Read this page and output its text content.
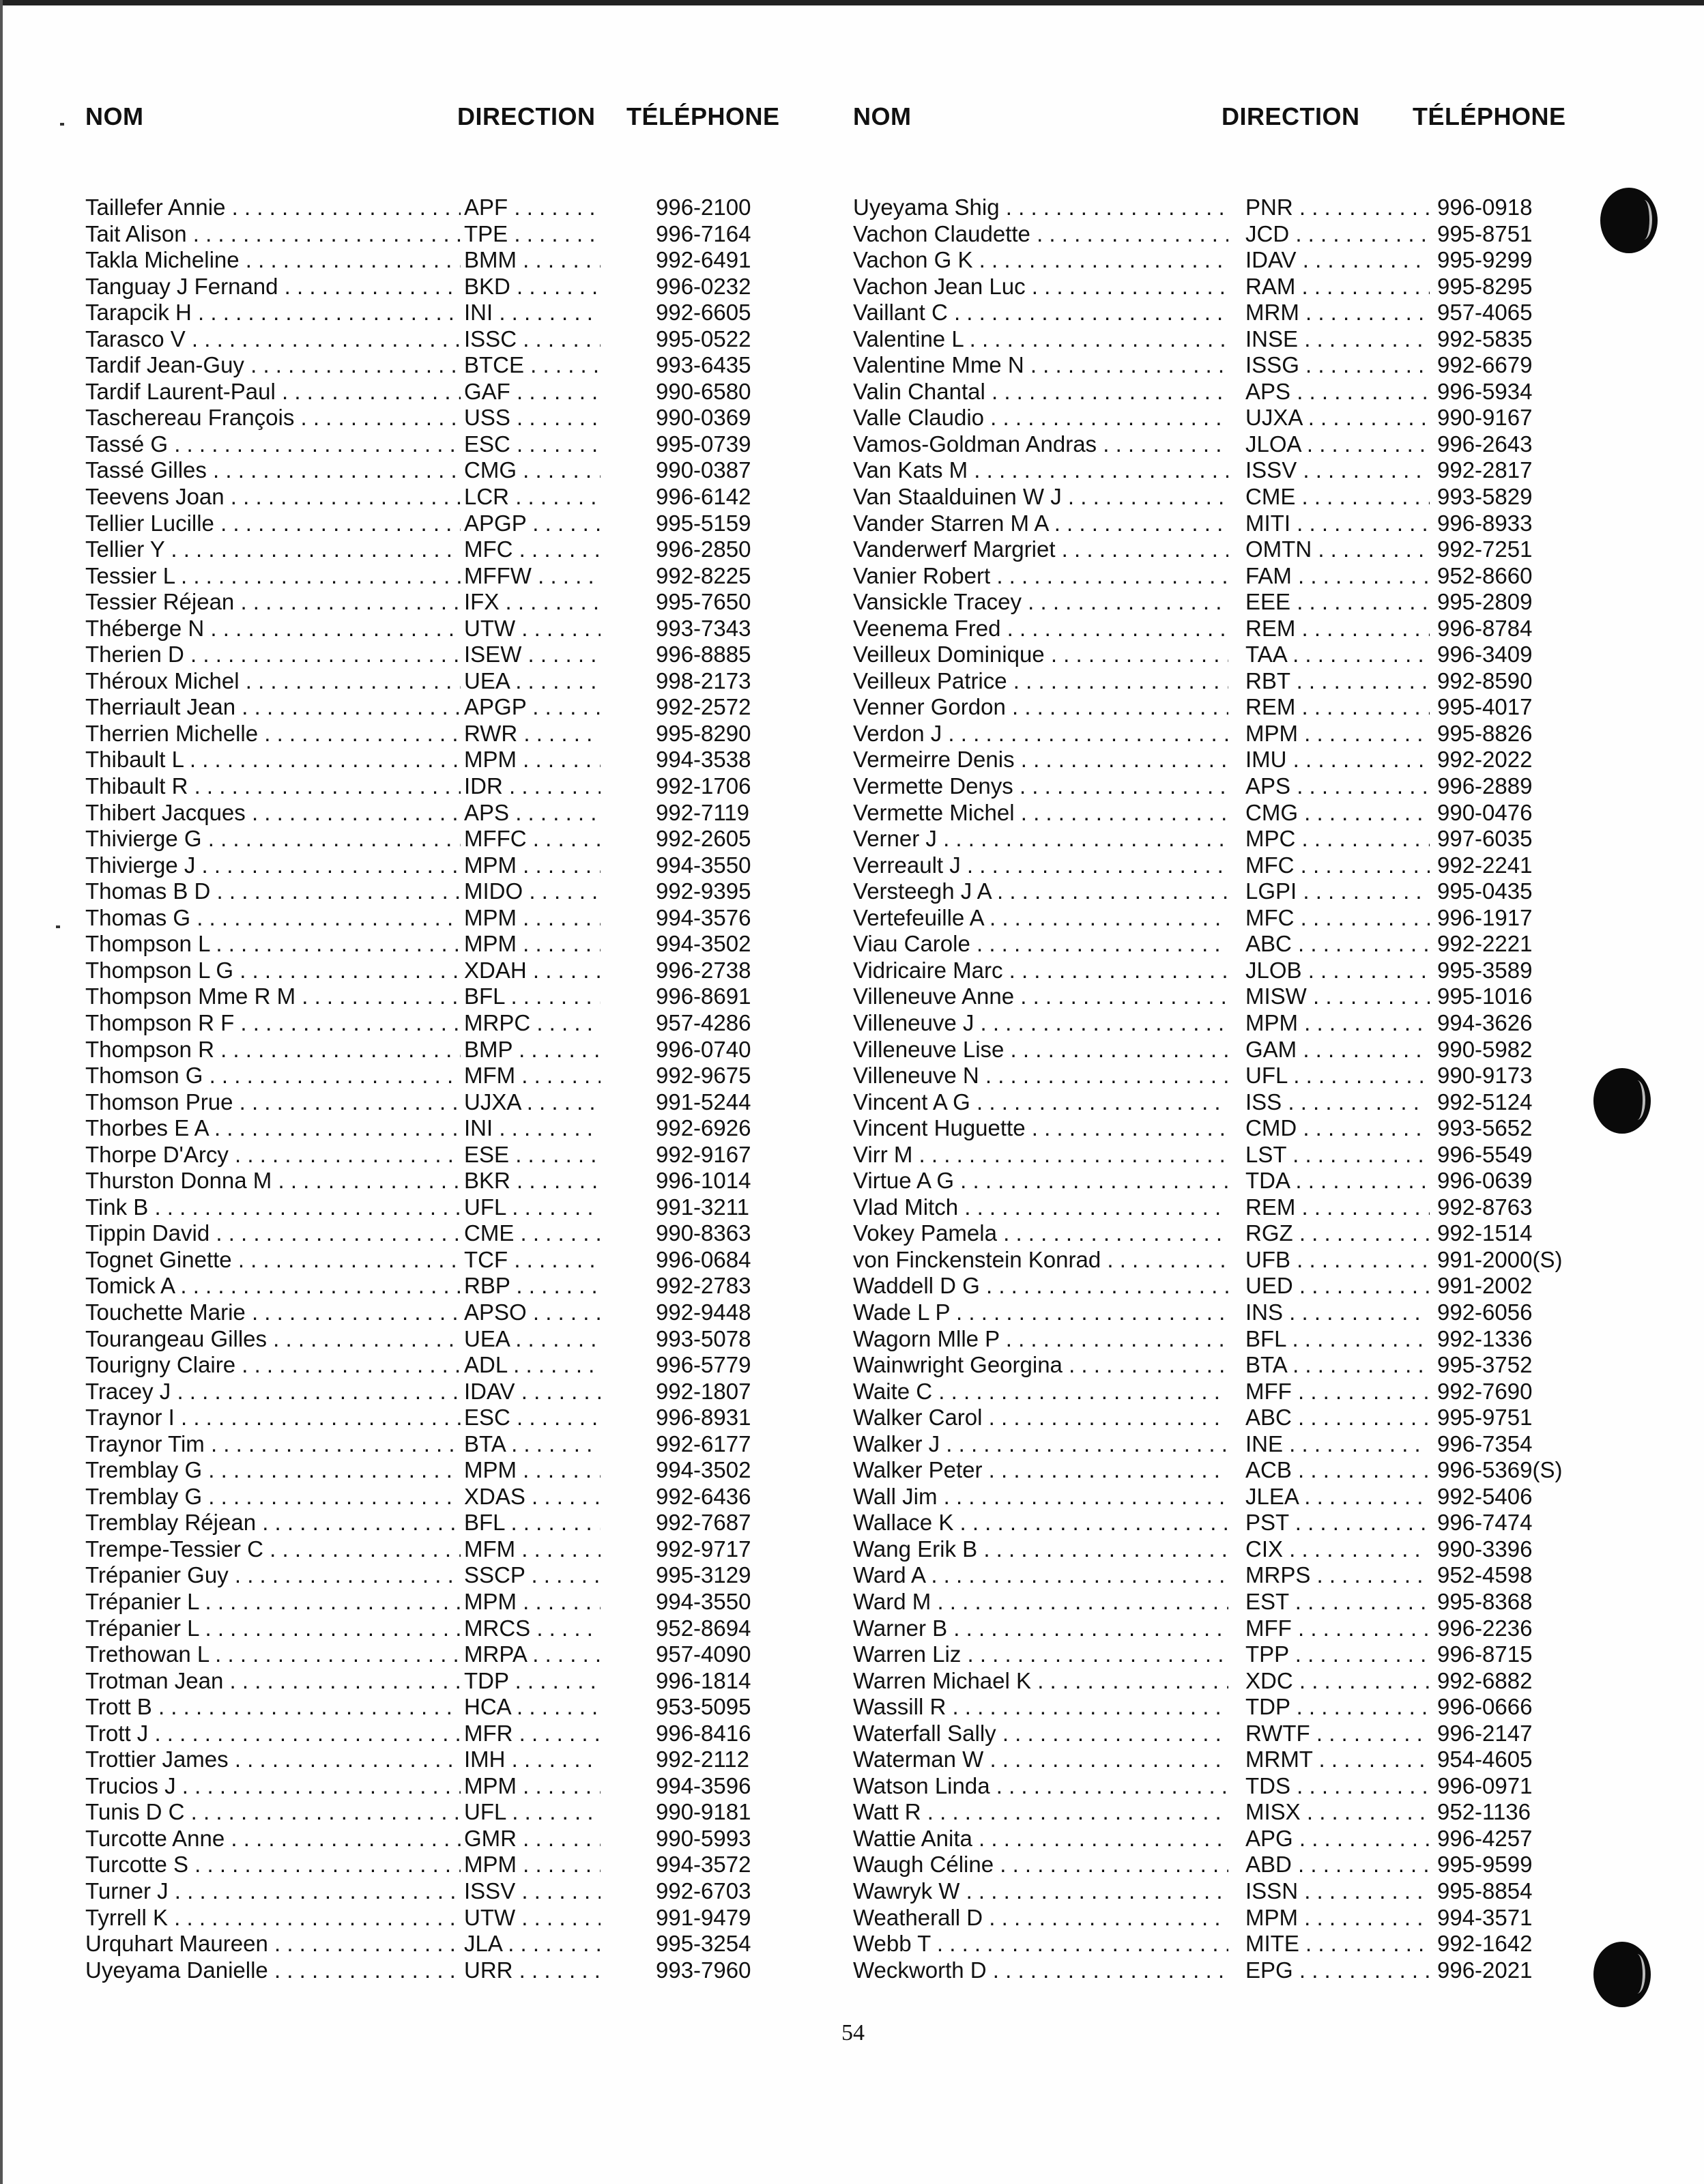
NOM	DIRECTION TÉLÉPHONE
Taillefer Annie . . .	APF . . .	996-2100
Tait Alison . . .	TPE . . .	996-7164
Takla Micheline . . .	BMM . . .	992-6491
Tanguay J Fernand . . .	BKD . . .	996-0232
Tarapcik H . . .	INI . . .	992-6605
Tarasco V . . .	ISSC . . .	995-0522
Tardif Jean-Guy . . .	BTCE . . .	993-6435
Tardif Laurent-Paul . . .	GAF . . .	990-6580
Taschereau François . . .	USS . . .	990-0369
Tassé G . . .	ESC . . .	995-0739
Tassé Gilles . . .	CMG . . .	990-0387
Teevens Joan . . .	LCR . . .	996-6142
Tellier Lucille . . .	APGP . . .	995-5159
Tellier Y . . .	MFC . . .	996-2850
Tessier L . . .	MFFW . . .	992-8225
Tessier Réjean . . .	IFX . . .	995-7650
Théberge N . . .	UTW . . .	993-7343
Therien D . . .	ISEW . . .	996-8885
Théroux Michel . . .	UEA . . .	998-2173
Therriault Jean . . .	APGP . . .	992-2572
Therrien Michelle . . .	RWR . . .	995-8290
Thibault L . . .	MPM . . .	994-3538
Thibault R . . .	IDR . . .	992-1706
Thibert Jacques . . .	APS . . .	992-7119
Thivierge G . . .	MFFC . . .	992-2605
Thivierge J . . .	MPM . . .	994-3550
Thomas B D . . .	MIDO . . .	992-9395
Thomas G . . .	MPM . . .	994-3576
Thompson L . . .	MPM . . .	994-3502
Thompson L G . . .	XDAH . . .	996-2738
Thompson Mme R M . . .	BFL . . .	996-8691
Thompson R F . . .	MRPC . . .	957-4286
Thompson R . . .	BMP . . .	996-0740
Thomson G . . .	MFM . . .	992-9675
Thomson Prue . . .	UJXA . . .	991-5244
Thorbes E A . . .	INI . . .	992-6926
Thorpe D'Arcy . . .	ESE . . .	992-9167
Thurston Donna M . . .	BKR . . .	996-1014
Tink B . . .	UFL . . .	991-3211
Tippin David . . .	CME . . .	990-8363
Tognet Ginette . . .	TCF . . .	996-0684
Tomick A . . .	RBP . . .	992-2783
Touchette Marie . . .	APSO . . .	992-9448
Tourangeau Gilles . . .	UEA . . .	993-5078
Tourigny Claire . . .	ADL . . .	996-5779
Tracey J . . .	IDAV . . .	992-1807
Traynor I . . .	ESC . . .	996-8931
Traynor Tim . . .	BTA . . .	992-6177
Tremblay G . . .	MPM . . .	994-3502
Tremblay G . . .	XDAS . . .	992-6436
Tremblay Réjean . . .	BFL . . .	992-7687
Trempe-Tessier C . . .	MFM . . .	992-9717
Trépanier Guy . . .	SSCP . . .	995-3129
Trépanier L . . .	MPM . . .	994-3550
Trépanier L . . .	MRCS . . .	952-8694
Trethowan L . . .	MRPA . . .	957-4090
Trotman Jean . . .	TDP . . .	996-1814
Trott B . . .	HCA . . .	953-5095
Trott J . . .	MFR . . .	996-8416
Trottier James . . .	IMH . . .	992-2112
Trucios J . . .	MPM . . .	994-3596
Tunis D C . . .	UFL . . .	990-9181
Turcotte Anne . . .	GMR . . .	990-5993
Turcotte S . . .	MPM . . .	994-3572
Turner J . . .	ISSV . . .	992-6703
Tyrrell K . . .	UTW . . .	991-9479
Urquhart Maureen . . .	JLA . . .	995-3254
Uyeyama Danielle . . .	URR . . .	993-7960
NOM	DIRECTION TÉLÉPHONE
Uyeyama Shig . . .	PNR . . .	996-0918
Vachon Claudette . . .	JCD . . .	995-8751
Vachon G K . . .	IDAV . . .	995-9299
Vachon Jean Luc . . .	RAM . . .	995-8295
Vaillant C . . .	MRM . . .	957-4065
Valentine L . . .	INSE . . .	992-5835
Valentine Mme N . . .	ISSG . . .	992-6679
Valin Chantal . . .	APS . . .	996-5934
Valle Claudio . . .	UJXA . . .	990-9167
Vamos-Goldman Andras . . .	JLOA . . .	996-2643
Van Kats M . . .	ISSV . . .	992-2817
Van Staalduinen W J . . .	CME . . .	993-5829
Vander Starren M A . . .	MITI . . .	996-8933
Vanderwerf Margriet . . .	OMTN . . .	992-7251
Vanier Robert . . .	FAM . . .	952-8660
Vansickle Tracey . . .	EEE . . .	995-2809
Veenema Fred . . .	REM . . .	996-8784
Veilleux Dominique . . .	TAA . . .	996-3409
Veilleux Patrice . . .	RBT . . .	992-8590
Venner Gordon . . .	REM . . .	995-4017
Verdon J . . .	MPM . . .	995-8826
Vermeirre Denis . . .	IMU . . .	992-2022
Vermette Denys . . .	APS . . .	996-2889
Vermette Michel . . .	CMG . . .	990-0476
Verner J . . .	MPC . . .	997-6035
Verreault J . . .	MFC . . .	992-2241
Versteegh J A . . .	LGPI . . .	995-0435
Vertefeuille A . . .	MFC . . .	996-1917
Viau Carole . . .	ABC . . .	992-2221
Vidricaire Marc . . .	JLOB . . .	995-3589
Villeneuve Anne . . .	MISW . . .	995-1016
Villeneuve J . . .	MPM . . .	994-3626
Villeneuve Lise . . .	GAM . . .	990-5982
Villeneuve N . . .	UFL . . .	990-9173
Vincent A G . . .	ISS . . .	992-5124
Vincent Huguette . . .	CMD . . .	993-5652
Virr M . . .	LST . . .	996-5549
Virtue A G . . .	TDA . . .	996-0639
Vlad Mitch . . .	REM . . .	992-8763
Vokey Pamela . . .	RGZ . . .	992-1514
von Finckenstein Konrad . . .	UFB . . .	991-2000(S)
Waddell D G . . .	UED . . .	991-2002
Wade L P . . .	INS . . .	992-6056
Wagorn Mlle P . . .	BFL . . .	992-1336
Wainwright Georgina . . .	BTA . . .	995-3752
Waite C . . .	MFF . . .	992-7690
Walker Carol . . .	ABC . . .	995-9751
Walker J . . .	INE . . .	996-7354
Walker Peter . . .	ACB . . .	996-5369(S)
Wall Jim . . .	JLEA . . .	992-5406
Wallace K . . .	PST . . .	996-7474
Wang Erik B . . .	CIX . . .	990-3396
Ward A . . .	MRPS . . .	952-4598
Ward M . . .	EST . . .	995-8368
Warner B . . .	MFF . . .	996-2236
Warren Liz . . .	TPP . . .	996-8715
Warren Michael K . . .	XDC . . .	992-6882
Wassill R . . .	TDP . . .	996-0666
Waterfall Sally . . .	RWTF . . .	996-2147
Waterman W . . .	MRMT . . .	954-4605
Watson Linda . . .	TDS . . .	996-0971
Watt R . . .	MISX . . .	952-1136
Wattie Anita . . .	APG . . .	996-4257
Waugh Céline . . .	ABD . . .	995-9599
Wawryk W . . .	ISSN . . .	995-8854
Weatherall D . . .	MPM . . .	994-3571
Webb T . . .	MITE . . .	992-1642
Weckworth D . . .	EPG . . .	996-2021
54
